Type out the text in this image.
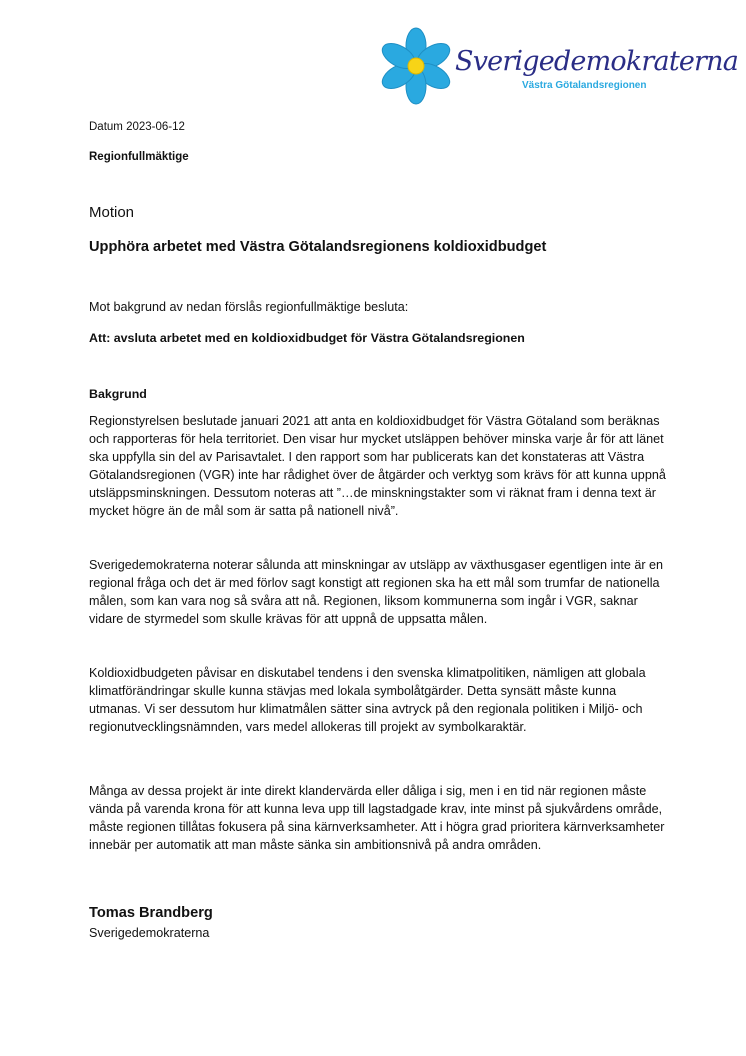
Sverigedemokraterna
Västra Götalandsregionen
Datum 2023-06-12
Regionfullmäktige
Motion
Upphöra arbetet med Västra Götalandsregionens koldioxidbudget
Mot bakgrund av nedan förslås regionfullmäktige besluta:
Att: avsluta arbetet med en koldioxidbudget för Västra Götalandsregionen
Bakgrund

Regionstyrelsen beslutade januari 2021 att anta en koldioxidbudget för Västra Götaland som beräknas och rapporteras för hela territoriet. Den visar hur mycket utsläppen behöver minska varje år för att länet ska uppfylla sin del av Parisavtalet. I den rapport som har publicerats kan det konstateras att Västra Götalandsregionen (VGR) inte har rådighet över de åtgärder och verktyg som krävs för att kunna uppnå utsläppsminskningen. Dessutom noteras att ”…de minskningstakter som vi räknat fram i denna text är mycket högre än de mål som är satta på nationell nivå”.

Sverigedemokraterna noterar sålunda att minskningar av utsläpp av växthusgaser egentligen inte är en regional fråga och det är med förlov sagt konstigt att regionen ska ha ett mål som trumfar de nationella målen, som kan vara nog så svåra att nå. Regionen, liksom kommunerna som ingår i VGR, saknar vidare de styrmedel som skulle krävas för att uppnå de uppsatta målen.

Koldioxidbudgeten påvisar en diskutabel tendens i den svenska klimatpolitiken, nämligen att globala klimatförändringar skulle kunna stävjas med lokala symbolåtgärder. Detta synsätt måste kunna utmanas. Vi ser dessutom hur klimatmålen sätter sina avtryck på den regionala politiken i Miljö- och regionutvecklingsnämnden, vars medel allokeras till projekt av symbolkaraktär.

Många av dessa projekt är inte direkt klandervärda eller dåliga i sig, men i en tid när regionen måste vända på varenda krona för att kunna leva upp till lagstadgade krav, inte minst på sjukvårdens område, måste regionen tillåtas fokusera på sina kärnverksamheter. Att i högra grad prioritera kärnverksamheter innebär per automatik att man måste sänka sin ambitionsnivå på andra områden.

Tomas Brandberg
Sverigedemokraterna
